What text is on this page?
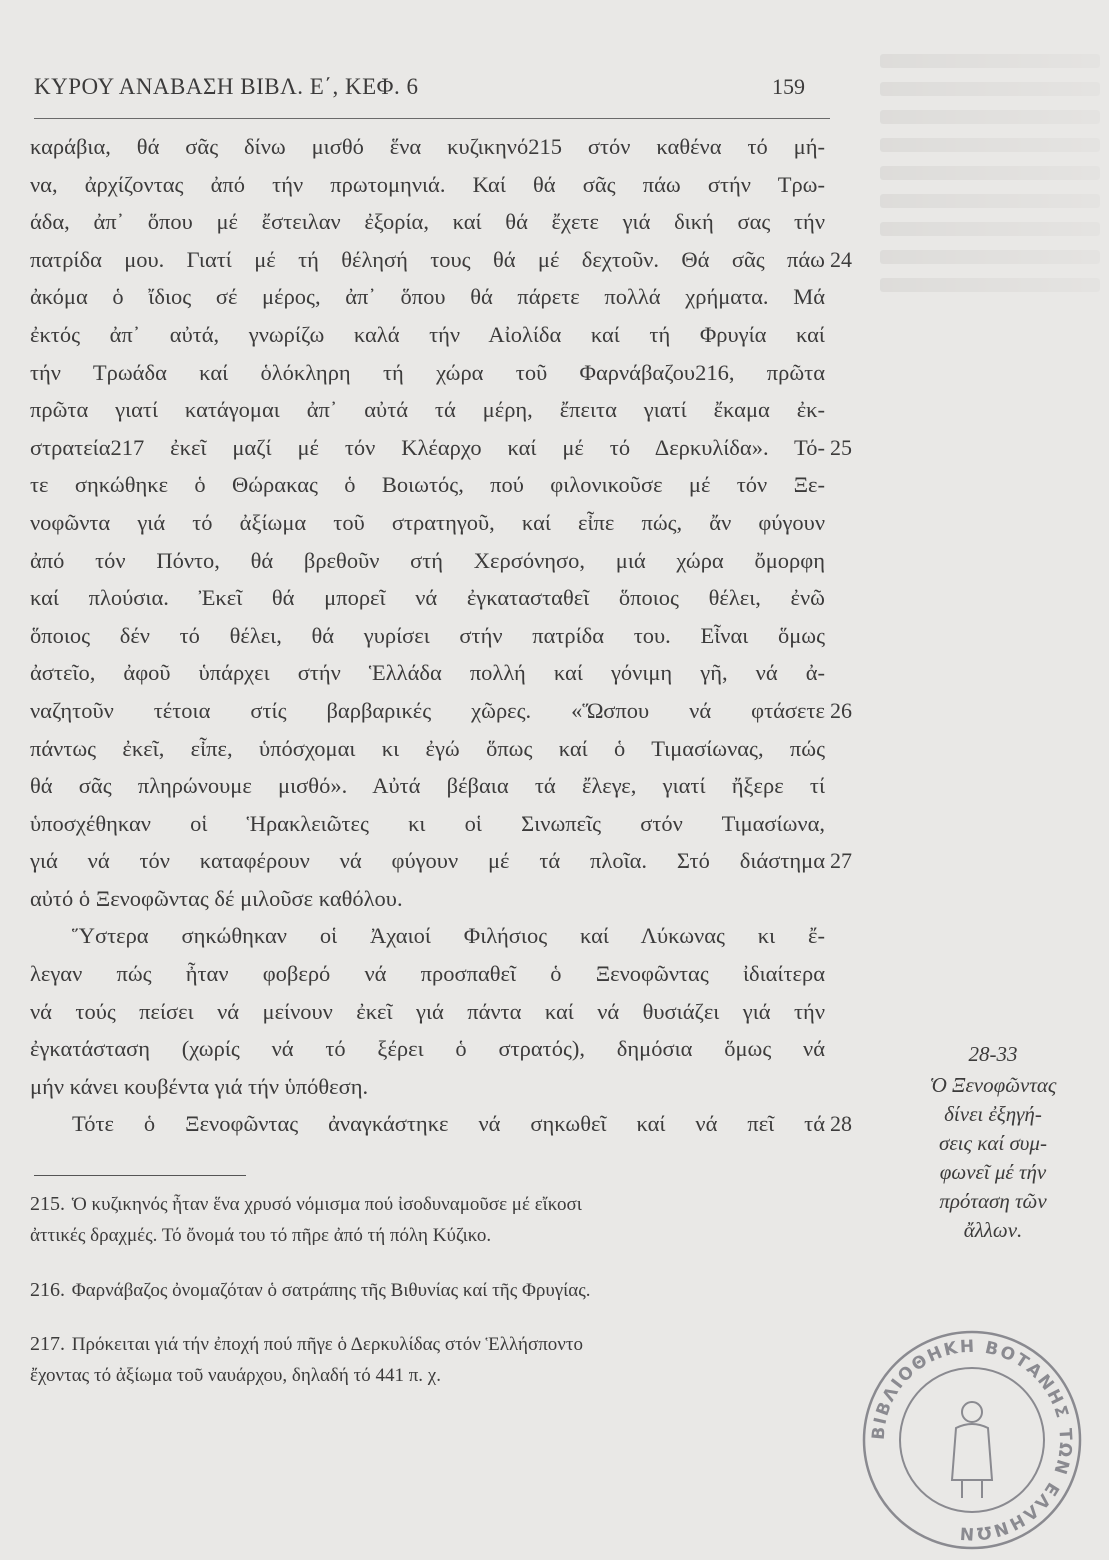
ΚΥΡΟΥ ΑΝΑΒΑΣΗ ΒΙΒΛ. Ε΄, ΚΕΦ. 6	159
καράβια, θά σᾶς δίνω μισθό ἕνα κυζικηνό215 στόν καθένα τό μή-
να, ἀρχίζοντας ἀπό τήν πρωτομηνιά. Καί θά σᾶς πάω στήν Τρω-
άδα, ἀπ᾽ ὅπου μέ ἔστειλαν ἐξορία, καί θά ἔχετε γιά δική σας τήν
πατρίδα μου. Γιατί μέ τή θέλησή τους θά μέ δεχτοῦν. Θά σᾶς πάω 24
ἀκόμα ὁ ἴδιος σέ μέρος, ἀπ᾽ ὅπου θά πάρετε πολλά χρήματα. Μά
ἐκτός ἀπ᾽ αὐτά, γνωρίζω καλά τήν Αἰολίδα καί τή Φρυγία καί
τήν Τρωάδα καί ὁλόκληρη τή χώρα τοῦ Φαρνάβαζου216, πρῶτα
πρῶτα γιατί κατάγομαι ἀπ᾽ αὐτά τά μέρη, ἔπειτα γιατί ἔκαμα ἐκ-
στρατεία217 ἐκεῖ μαζί μέ τόν Κλέαρχο καί μέ τό Δερκυλίδα». Τό- 25
τε σηκώθηκε ὁ Θώρακας ὁ Βοιωτός, πού φιλονικοῦσε μέ τόν Ξε-
νοφῶντα γιά τό ἀξίωμα τοῦ στρατηγοῦ, καί εἶπε πώς, ἄν φύγουν
ἀπό τόν Πόντο, θά βρεθοῦν στή Χερσόνησο, μιά χώρα ὄμορφη
καί πλούσια. Ἐκεῖ θά μπορεῖ νά ἐγκατασταθεῖ ὅποιος θέλει, ἐνῶ
ὅποιος δέν τό θέλει, θά γυρίσει στήν πατρίδα του. Εἶναι ὅμως
ἀστεῖο, ἀφοῦ ὑπάρχει στήν Ἑλλάδα πολλή καί γόνιμη γῆ, νά ἀ-
ναζητοῦν τέτοια στίς βαρβαρικές χῶρες. «Ὥσπου νά φτάσετε 26
πάντως ἐκεῖ, εἶπε, ὑπόσχομαι κι ἐγώ ὅπως καί ὁ Τιμασίωνας, πώς
θά σᾶς πληρώνουμε μισθό». Αὐτά βέβαια τά ἔλεγε, γιατί ἤξερε τί
ὑποσχέθηκαν οἱ Ἡρακλειῶτες κι οἱ Σινωπεῖς στόν Τιμασίωνα,
γιά νά τόν καταφέρουν νά φύγουν μέ τά πλοῖα. Στό διάστημα 27
αὐτό ὁ Ξενοφῶντας δέ μιλοῦσε καθόλου.
Ὕστερα σηκώθηκαν οἱ Ἀχαιοί Φιλήσιος καί Λύκωνας κι ἔ-
λεγαν πώς ἦταν φοβερό νά προσπαθεῖ ὁ Ξενοφῶντας ἰδιαίτερα
νά τούς πείσει νά μείνουν ἐκεῖ γιά πάντα καί νά θυσιάζει γιά τήν
ἐγκατάσταση (χωρίς νά τό ξέρει ὁ στρατός), δημόσια ὅμως νά
μήν κάνει κουβέντα γιά τήν ὑπόθεση.
Τότε ὁ Ξενοφῶντας ἀναγκάστηκε νά σηκωθεῖ καί νά πεῖ τά 28
215. Ὁ κυζικηνός ἦταν ἕνα χρυσό νόμισμα πού ἰσοδυναμοῦσε μέ εἴκοσι
ἀττικές δραχμές. Τό ὄνομά του τό πῆρε ἀπό τή πόλη Κύζικο.
216. Φαρνάβαζος ὀνομαζόταν ὁ σατράπης τῆς Βιθυνίας καί τῆς Φρυγίας.
217. Πρόκειται γιά τήν ἐποχή πού πῆγε ὁ Δερκυλίδας στόν Ἑλλήσποντο
ἔχοντας τό ἀξίωμα τοῦ ναυάρχου, δηλαδή τό 441 π. χ.
28-33
Ὁ Ξενοφῶντας
δίνει ἐξηγή-
σεις καί συμ-
φωνεῖ μέ τήν
πρόταση τῶν
ἄλλων.
ΒΙΒΛΙΟΘΗΚΗ ΒΟΤΑΝΗΣ ΤΩΝ ΕΛΛΗΝΩΝ
